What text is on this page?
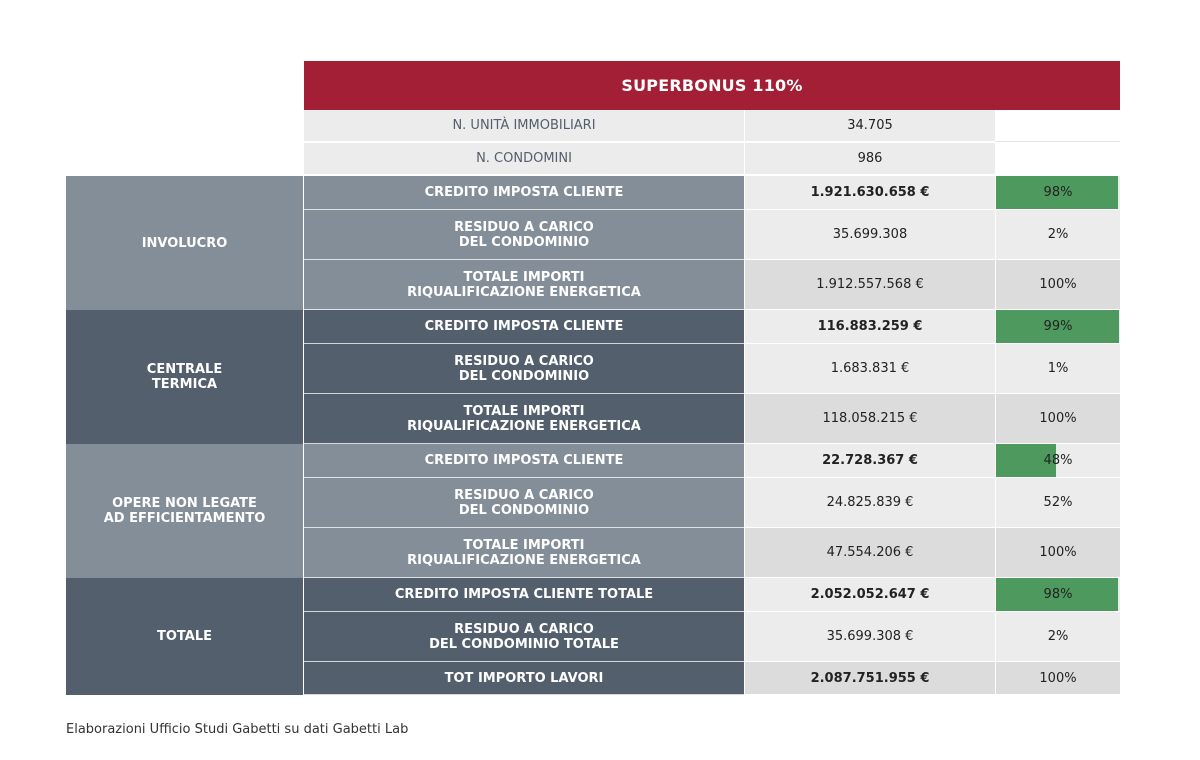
SUPERBONUS 110%
N. UNITÀ IMMOBILIARI	34.705
N. CONDOMINI	986
INVOLUCRO
CREDITO IMPOSTA CLIENTE	1.921.630.658 €	98%
RESIDUO A CARICO
DEL CONDOMINIO	35.699.308	2%
TOTALE IMPORTI
RIQUALIFICAZIONE ENERGETICA	1.912.557.568 €	100%
CENTRALE
TERMICA
CREDITO IMPOSTA CLIENTE	116.883.259 €	99%
RESIDUO A CARICO
DEL CONDOMINIO	1.683.831 €	1%
TOTALE IMPORTI
RIQUALIFICAZIONE ENERGETICA	118.058.215 €	100%
OPERE NON LEGATE
AD EFFICIENTAMENTO
CREDITO IMPOSTA CLIENTE	22.728.367 €	48%
RESIDUO A CARICO
DEL CONDOMINIO	24.825.839 €	52%
TOTALE IMPORTI
RIQUALIFICAZIONE ENERGETICA	47.554.206 €	100%
TOTALE
CREDITO IMPOSTA CLIENTE TOTALE	2.052.052.647 €	98%
RESIDUO A CARICO
DEL CONDOMINIO TOTALE	35.699.308 €	2%
TOT IMPORTO LAVORI	2.087.751.955 €	100%
Elaborazioni Ufficio Studi Gabetti su dati Gabetti Lab
